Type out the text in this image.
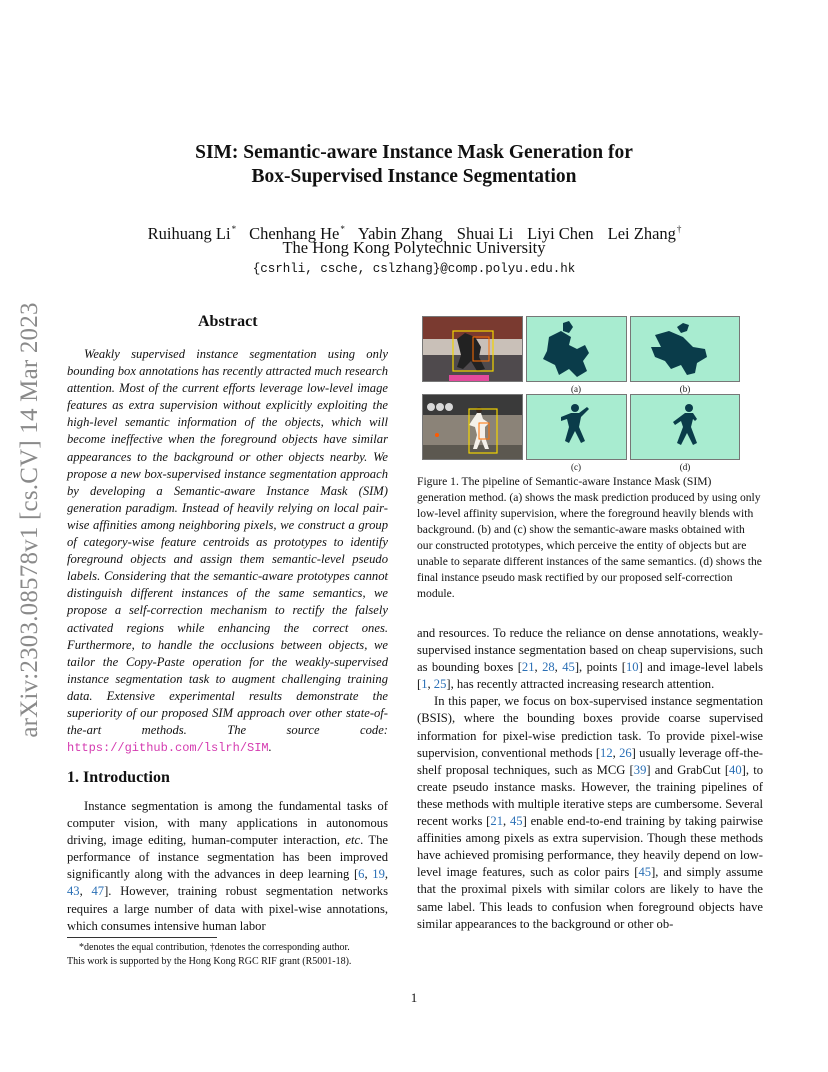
arXiv:2303.08578v1 [cs.CV] 14 Mar 2023
SIM: Semantic-aware Instance Mask Generation for
Box-Supervised Instance Segmentation
Ruihuang Li* Chenhang He* Yabin Zhang Shuai Li Liyi Chen Lei Zhang†
The Hong Kong Polytechnic University
{csrhli, csche, cslzhang}@comp.polyu.edu.hk
Abstract

Weakly supervised instance segmentation using only bounding box annotations has recently attracted much research attention. Most of the current efforts leverage low-level image features as extra supervision without explicitly exploiting the high-level semantic information of the objects, which will become ineffective when the foreground objects have similar appearances to the background or other objects nearby. We propose a new box-supervised instance segmentation approach by developing a Semantic-aware Instance Mask (SIM) generation paradigm. Instead of heavily relying on local pair-wise affinities among neighboring pixels, we construct a group of category-wise feature centroids as prototypes to identify foreground objects and assign them semantic-level pseudo labels. Considering that the semantic-aware prototypes cannot distinguish different instances of the same semantics, we propose a self-correction mechanism to rectify the falsely activated regions while enhancing the correct ones. Furthermore, to handle the occlusions between objects, we tailor the Copy-Paste operation for the weakly-supervised instance segmentation task to augment challenging training data. Extensive experimental results demonstrate the superiority of our proposed SIM approach over other state-of-the-art methods. The source code: https://github.com/lslrh/SIM.

1. Introduction

Instance segmentation is among the fundamental tasks of computer vision, with many applications in autonomous driving, image editing, human-computer interaction, etc. The performance of instance segmentation has been improved significantly along with the advances in deep learning [6, 19, 43, 47]. However, training robust segmentation networks requires a large number of data with pixel-wise annotations, which consumes intensive human labor

*denotes the equal contribution, †denotes the corresponding author.
This work is supported by the Hong Kong RGC RIF grant (R5001-18).
(a)	(b)
(c)	(d)
Figure 1. The pipeline of Semantic-aware Instance Mask (SIM) generation method. (a) shows the mask prediction produced by using only low-level affinity supervision, where the foreground heavily blends with background. (b) and (c) show the semantic-aware masks obtained with our constructed prototypes, which perceive the entity of objects but are unable to separate different instances of the same semantics. (d) shows the final instance pseudo mask rectified by our proposed self-correction module.

and resources. To reduce the reliance on dense annotations, weakly-supervised instance segmentation based on cheap supervisions, such as bounding boxes [21, 28, 45], points [10] and image-level labels [1, 25], has recently attracted increasing research attention.

In this paper, we focus on box-supervised instance segmentation (BSIS), where the bounding boxes provide coarse supervised information for pixel-wise prediction task. To provide pixel-wise supervision, conventional methods [12, 26] usually leverage off-the-shelf proposal techniques, such as MCG [39] and GrabCut [40], to create pseudo instance masks. However, the training pipelines of these methods with multiple iterative steps are cumbersome. Several recent works [21, 45] enable end-to-end training by taking pairwise affinities among pixels as extra supervision. Though these methods have achieved promising performance, they heavily depend on low-level image features, such as color pairs [45], and simply assume that the proximal pixels with similar colors are likely to have the same label. This leads to confusion when foreground objects have similar appearances to the background or other ob-

1
